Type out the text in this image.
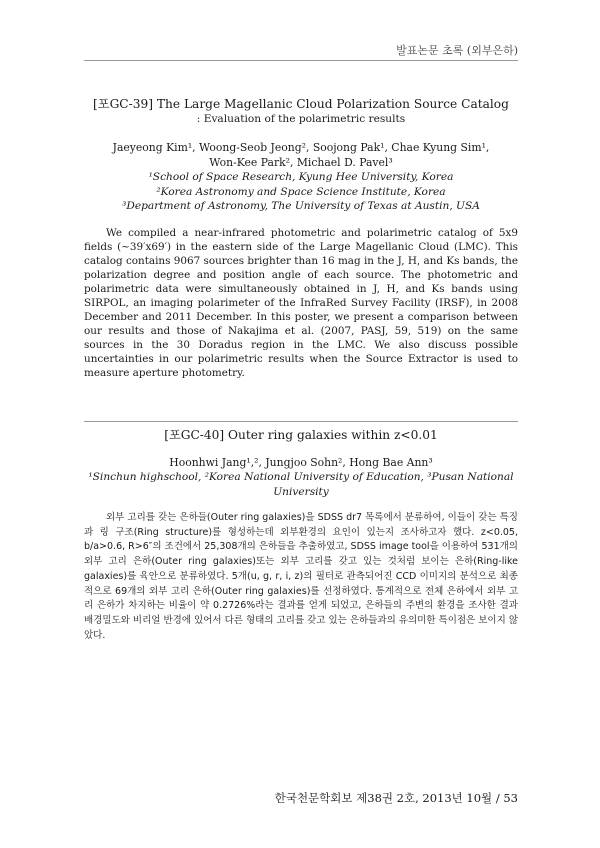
발표논문 초록 (외부은하)
[포GC-39] The Large Magellanic Cloud Polarization Source Catalog

: Evaluation of the polarimetric results

Jaeyeong Kim¹, Woong-Seob Jeong², Soojong Pak¹, Chae Kyung Sim¹,
Won-Kee Park², Michael D. Pavel³

¹School of Space Research, Kyung Hee University, Korea

²Korea Astronomy and Space Science Institute, Korea

³Department of Astronomy, The University of Texas at Austin, USA

We compiled a near-infrared photometric and polarimetric catalog of 5x9 fields (~39′x69′) in the eastern side of the Large Magellanic Cloud (LMC). This catalog contains 9067 sources brighter than 16 mag in the J, H, and Ks bands, the polarization degree and position angle of each source. The photometric and polarimetric data were simultaneously obtained in J, H, and Ks bands using SIRPOL, an imaging polarimeter of the InfraRed Survey Facility (IRSF), in 2008 December and 2011 December. In this poster, we present a comparison between our results and those of Nakajima et al. (2007, PASJ, 59, 519) on the same sources in the 30 Doradus region in the LMC. We also discuss possible uncertainties in our polarimetric results when the Source Extractor is used to measure aperture photometry.

[포GC-40] Outer ring galaxies within z<0.01

Hoonhwi Jang¹,², Jungjoo Sohn², Hong Bae Ann³

¹Sinchun highschool, ²Korea National University of Education, ³Pusan National
University

외부 고리를 갖는 은하들(Outer ring galaxies)을 SDSS dr7 목록에서 분류하여, 이들이 갖는 특징과 링 구조(Ring structure)를 형성하는데 외부환경의 요인이 있는지 조사하고자 했다. z<0.05, b/a>0.6, R>6″의 조건에서 25,308개의 은하들을 추출하였고, SDSS image tool을 이용하여 531개의 외부 고리 은하(Outer ring galaxies)또는 외부 고리를 갖고 있는 것처럼 보이는 은하(Ring-like galaxies)를 육안으로 분류하였다. 5개(u, g, r, i, z)의 필터로 관측되어진 CCD 이미지의 분석으로 최종적으로 69개의 외부 고리 은하(Outer ring galaxies)를 선정하였다. 통계적으로 전체 은하에서 외부 고리 은하가 차지하는 비율이 약 0.2726%라는 결과를 얻게 되었고, 은하들의 주변의 환경을 조사한 결과 배경밀도와 비리얼 반경에 있어서 다른 형태의 고리를 갖고 있는 은하들과의 유의미한 특이점은 보이지 않았다.

한국천문학회보 제38권 2호, 2013년 10월 / 53
